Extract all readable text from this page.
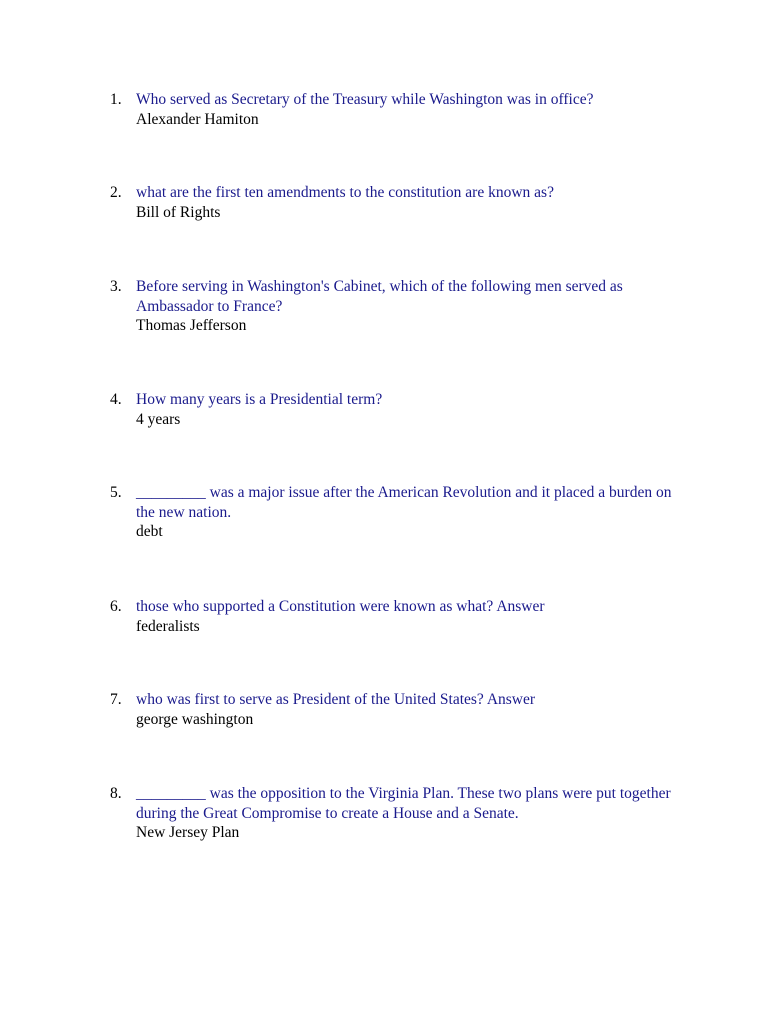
1. Who served as Secretary of the Treasury while Washington was in office?
Alexander Hamiton
2. what are the first ten amendments to the constitution are known as?
Bill of Rights
3. Before serving in Washington's Cabinet, which of the following men served as Ambassador to France?
Thomas Jefferson
4. How many years is a Presidential term?
4 years
5. _________ was a major issue after the American Revolution and it placed a burden on the new nation.
debt
6. those who supported a Constitution were known as what? Answer
federalists
7. who was first to serve as President of the United States? Answer
george washington
8. _________ was the opposition to the Virginia Plan. These two plans were put together during the Great Compromise to create a House and a Senate.
New Jersey Plan
